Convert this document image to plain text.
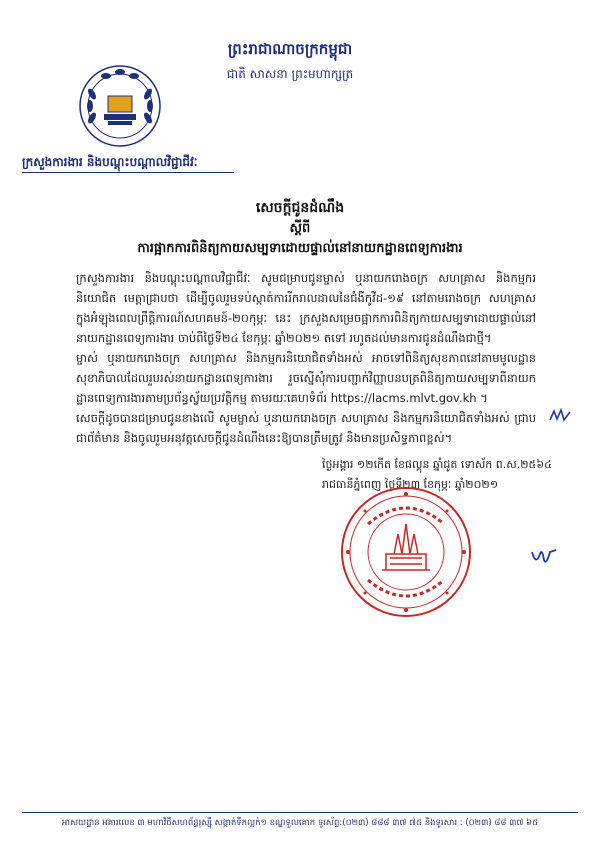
ព្រះរាជាណាចក្រកម្ពុជា
ជាតិ សាសនា ព្រះមហាក្សត្រ
ក្រសួងការងារ និងបណ្តុះបណ្តាលវិជ្ជាជីវៈ
សេចក្តីជូនដំណឹង
ស្តីពី
ការផ្អាកការពិនិត្យកាយសម្បទាដោយផ្ទាល់នៅនាយកដ្ឋានពេទ្យការងារ
ក្រសួងការងារ និងបណ្តុះបណ្តាលវិជ្ជាជីវៈ សូមជម្រាបជូនម្ចាស់ ឬនាយករោងចក្រ សហគ្រាស និងកម្មករនិយោជិត មេត្តាជ្រាបថា ដើម្បីចូលរួមទប់ស្កាត់ការរីករាលដាលនៃជំងឺកូវីដ-១៩ នៅតាមរោងចក្រ សហគ្រាស ក្នុងអំឡុងពេលព្រឹត្តិការណ៍សហគមន៍-២០កុម្ភៈ នេះ ក្រសួងសម្រេចផ្អាកការពិនិត្យកាយសម្បទាដោយផ្ទាល់នៅនាយកដ្ឋានពេទ្យការងារ ចាប់ពីថ្ងៃទី២៤ ខែកុម្ភៈ ឆ្នាំ២០២១ តទៅ រហូតដល់មានការជូនដំណឹងជាថ្មី។
ម្ចាស់ ឬនាយករោងចក្រ សហគ្រាស និងកម្មករនិយោជិតទាំងអស់ អាចទៅពិនិត្យសុខភាពនៅតាមមូលដ្ឋានសុខាភិបាលដែលរួបរស់នាយកដ្ឋានពេទ្យការងារ រួចស្នើសុំការបញ្ជាក់វិញ្ញាបនបត្រពិនិត្យកាយសម្បទាពីនាយកដ្ឋានពេទ្យការងារតាមប្រព័ន្ធស្វ័យប្រវត្តិកម្ម តាមរយៈគេហទំព័រ https://lacms.mlvt.gov.kh ។
សេចក្តីដូចបានជម្រាបជូនខាងលើ សូមម្ចាស់ ឬនាយករោងចក្រ សហគ្រាស និងកម្មករនិយោជិតទាំងអស់ ជ្រាបជាព័ត៌មាន និងចូលរួមអនុវត្តសេចក្តីជូនដំណឹងនេះឱ្យបានត្រឹមត្រូវ និងមានប្រសិទ្ធភាពខ្ពស់។
ថ្ងៃអង្គារ ១២កើត ខែផល្គុន ឆ្នាំជូត ទោស័ក ព.ស.២៥៦៤
រាជធានីភ្នំពេញ ថ្ងៃទី២៣ ខែកុម្ភៈ ឆ្នាំ២០២១
អាសយដ្ឋាន អគារលេខ ៣ មហាវិថីសហព័ន្ធរុស្ស៊ី សង្កាត់ទឹកល្អក់១ ខណ្ឌទួលគោក ទូរស័ព្ទ:(០២៣) ៨៨៨ ៣៧ ៧៥ និងទូរសារ : (០២៣) ៨៨ ៣៧ ៦៥
